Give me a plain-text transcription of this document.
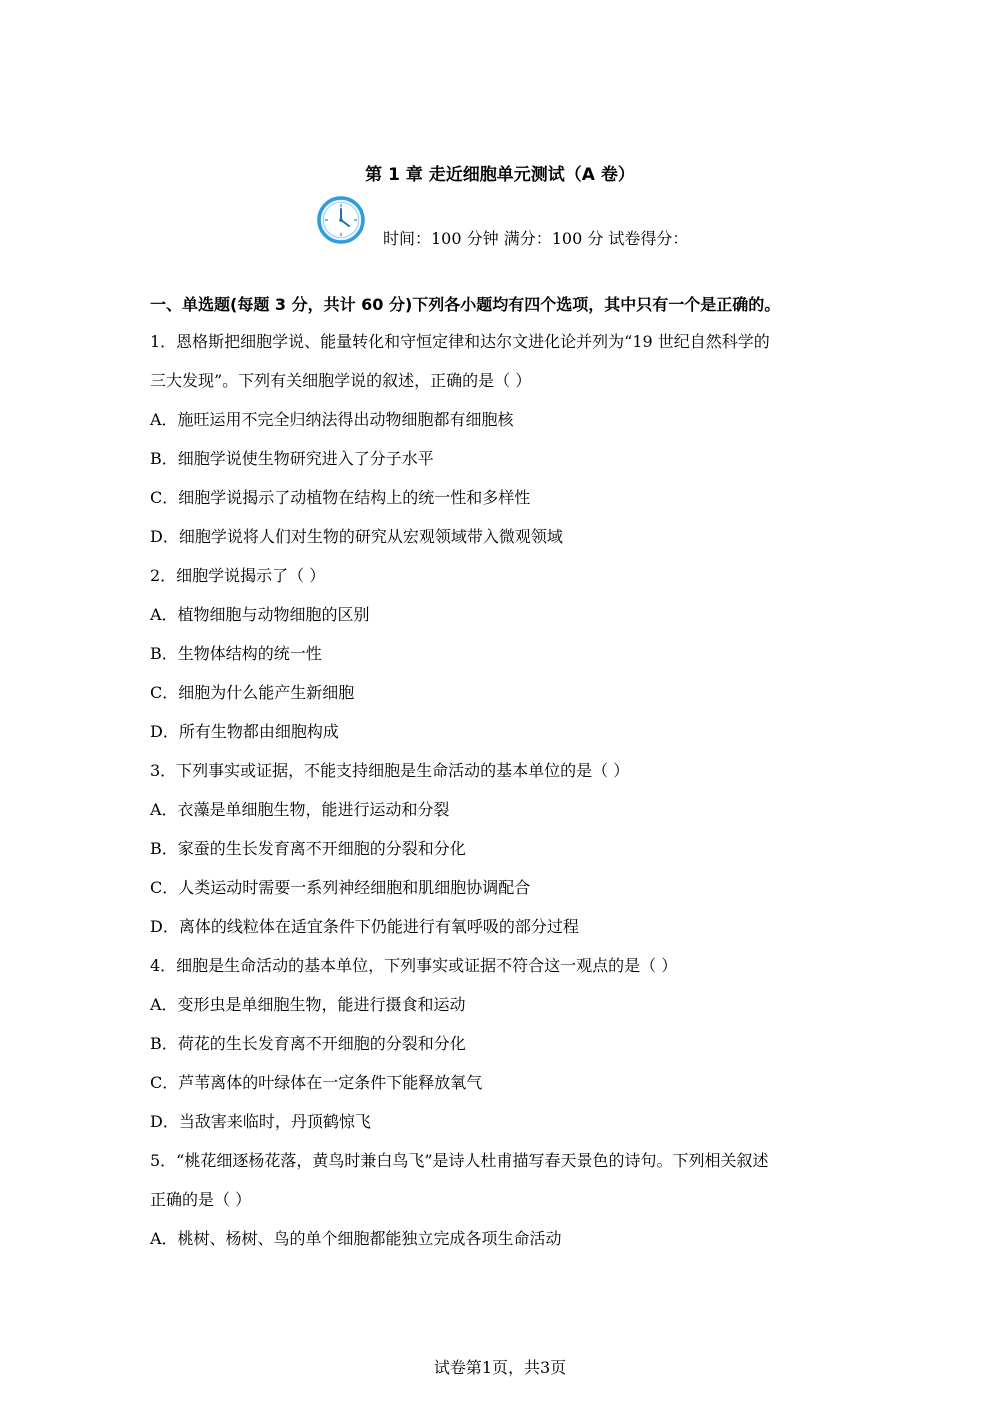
第 1 章 走近细胞单元测试（A 卷）
时间：100 分钟 满分：100 分 试卷得分：
一、单选题(每题 3 分，共计 60 分)下列各小题均有四个选项，其中只有一个是正确的。
1．恩格斯把细胞学说、能量转化和守恒定律和达尔文进化论并列为“19 世纪自然科学的
三大发现”。下列有关细胞学说的叙述，正确的是（ ）
A．施旺运用不完全归纳法得出动物细胞都有细胞核
B．细胞学说使生物研究进入了分子水平
C．细胞学说揭示了动植物在结构上的统一性和多样性
D．细胞学说将人们对生物的研究从宏观领域带入微观领域
2．细胞学说揭示了（ ）
A．植物细胞与动物细胞的区别
B．生物体结构的统一性
C．细胞为什么能产生新细胞
D．所有生物都由细胞构成
3．下列事实或证据，不能支持细胞是生命活动的基本单位的是（ ）
A．衣藻是单细胞生物，能进行运动和分裂
B．家蚕的生长发育离不开细胞的分裂和分化
C．人类运动时需要一系列神经细胞和肌细胞协调配合
D．离体的线粒体在适宜条件下仍能进行有氧呼吸的部分过程
4．细胞是生命活动的基本单位，下列事实或证据不符合这一观点的是（ ）
A．变形虫是单细胞生物，能进行摄食和运动
B．荷花的生长发育离不开细胞的分裂和分化
C．芦苇离体的叶绿体在一定条件下能释放氧气
D．当敌害来临时，丹顶鹤惊飞
5．“桃花细逐杨花落，黄鸟时兼白鸟飞”是诗人杜甫描写春天景色的诗句。下列相关叙述
正确的是（ ）
A．桃树、杨树、鸟的单个细胞都能独立完成各项生命活动
试卷第1页，共3页
